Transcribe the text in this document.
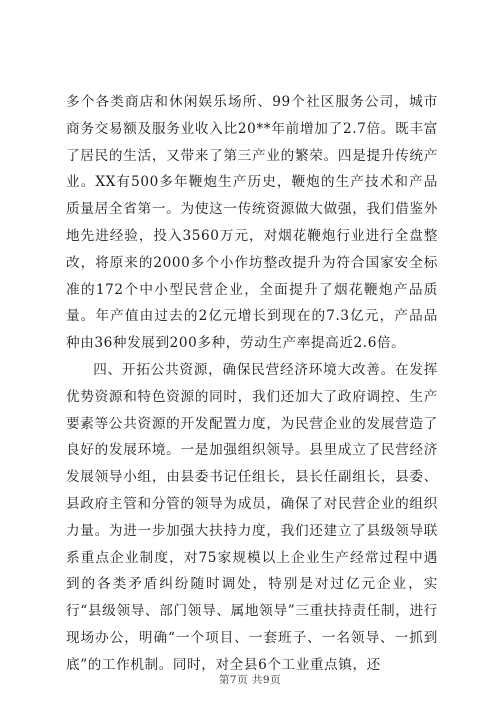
多个各类商店和休闲娱乐场所、99个社区服务公司，城市商务交易额及服务业收入比20**年前增加了2.7倍。既丰富了居民的生活，又带来了第三产业的繁荣。四是提升传统产业。XX有500多年鞭炮生产历史，鞭炮的生产技术和产品质量居全省第一。为使这一传统资源做大做强，我们借鉴外地先进经验，投入3560万元，对烟花鞭炮行业进行全盘整改，将原来的2000多个小作坊整改提升为符合国家安全标准的172个中小型民营企业，全面提升了烟花鞭炮产品质量。年产值由过去的2亿元增长到现在的7.3亿元，产品品种由36种发展到200多种，劳动生产率提高近2.6倍。

四、开拓公共资源，确保民营经济环境大改善。在发挥优势资源和特色资源的同时，我们还加大了政府调控、生产要素等公共资源的开发配置力度，为民营企业的发展营造了良好的发展环境。一是加强组织领导。县里成立了民营经济发展领导小组，由县委书记任组长，县长任副组长，县委、县政府主管和分管的领导为成员，确保了对民营企业的组织力量。为进一步加强大扶持力度，我们还建立了县级领导联系重点企业制度，对75家规模以上企业生产经常过程中遇到的各类矛盾纠纷随时调处，特别是对过亿元企业，实行“县级领导、部门领导、属地领导”三重扶持责任制，进行现场办公，明确“一个项目、一套班子、一名领导、一抓到底”的工作机制。同时，对全县6个工业重点镇，还

第7页 共9页
